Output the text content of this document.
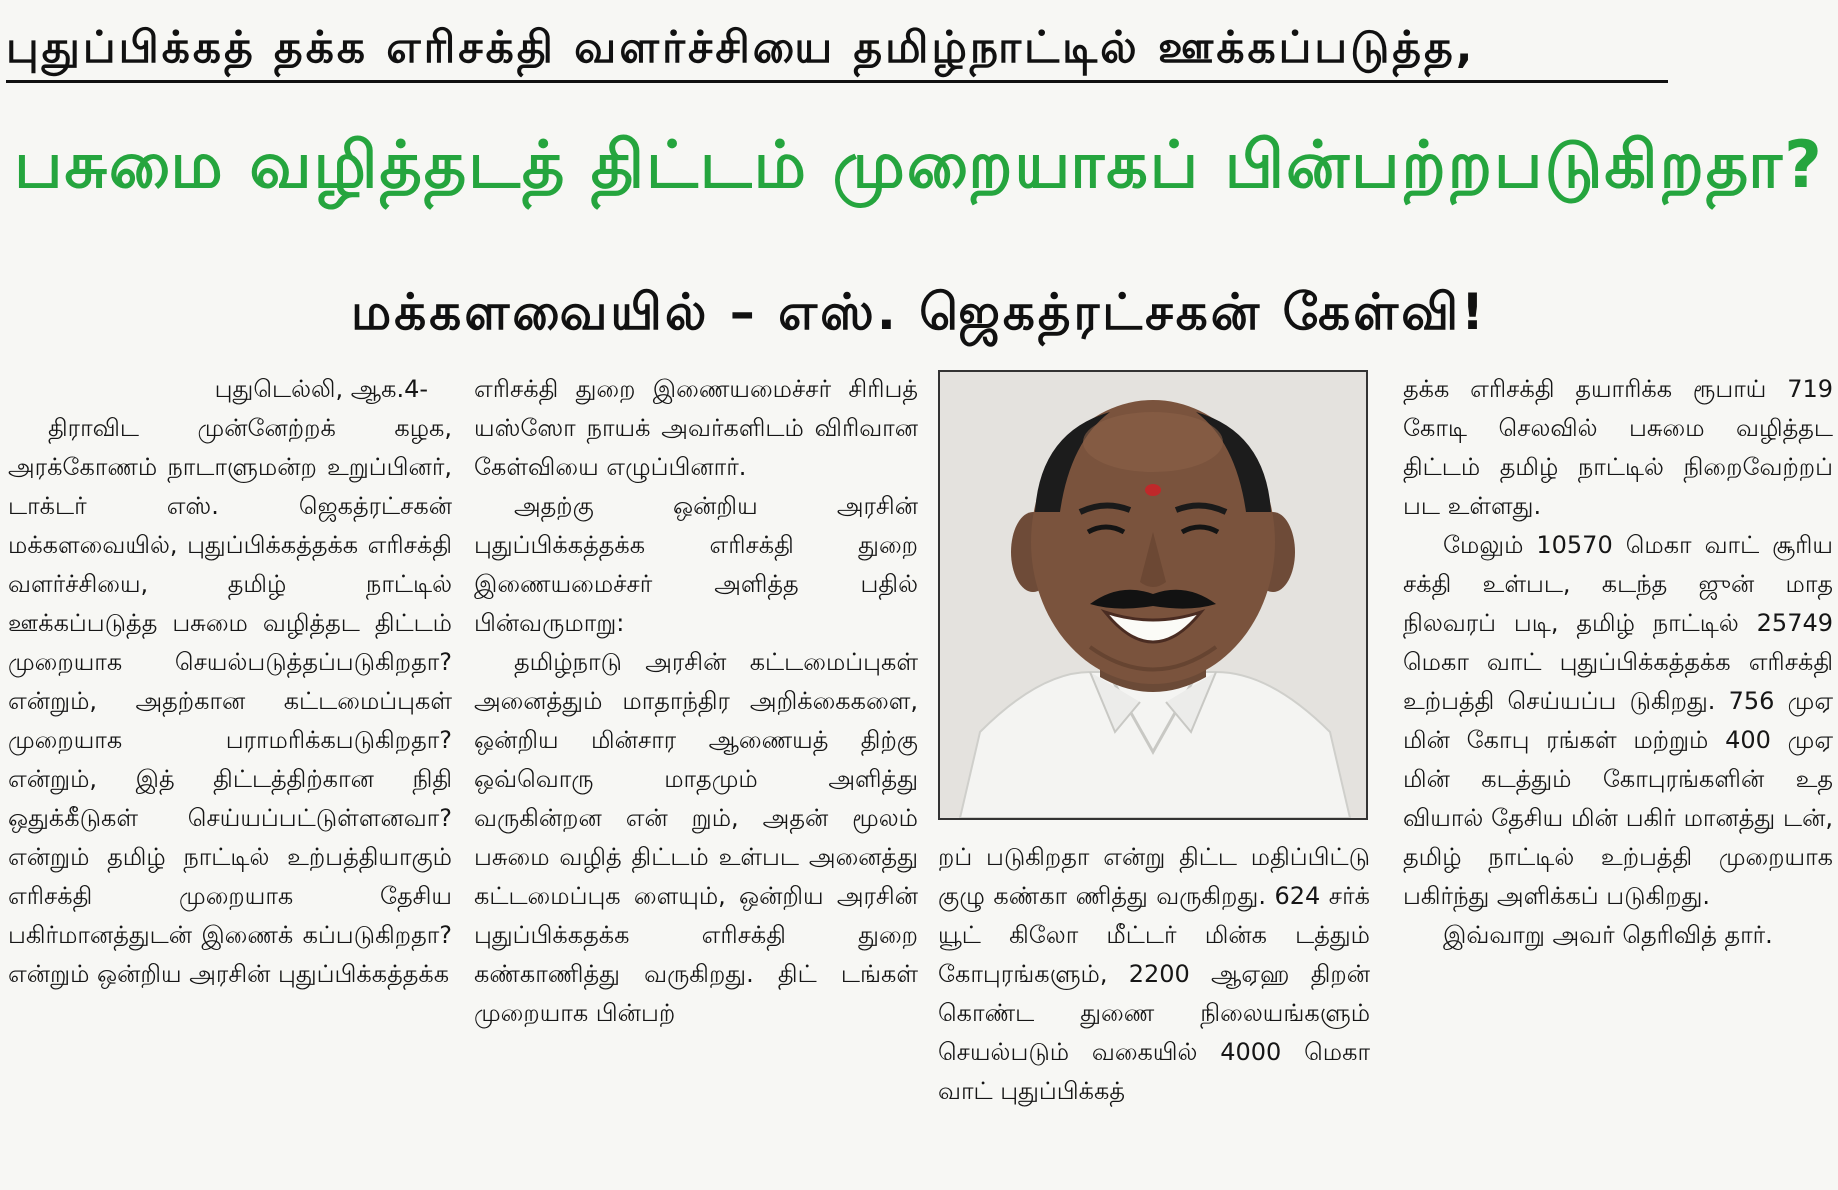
புதுப்பிக்கத் தக்க எரிசக்தி வளர்ச்சியை தமிழ்நாட்டில் ஊக்கப்படுத்த,
பசுமை வழித்தடத் திட்டம் முறையாகப் பின்பற்றபடுகிறதா?
மக்களவையில் – எஸ். ஜெகத்ரட்சகன் கேள்வி!

புதுடெல்லி, ஆக.4-

திராவிட முன்னேற்றக் கழக, அரக்கோணம் நாடாளுமன்ற உறுப்பினர், டாக்டர் எஸ். ஜெகத்ரட்சகன் மக்களவையில், புதுப்பிக்கத்தக்க எரிசக்தி வளர்ச்சியை, தமிழ் நாட்டில் ஊக்கப்படுத்த பசுமை வழித்தட திட்டம் முறையாக செயல்படுத்தப்படுகிறதா? என்றும், அதற்கான கட்டமைப்புகள் முறையாக பராமரிக்கபடுகிறதா? என்றும், இத் திட்டத்திற்கான நிதி ஒதுக்கீடுகள் செய்யப்பட்டுள்ளனவா? என்றும் தமிழ் நாட்டில் உற்பத்தியாகும் எரிசக்தி முறையாக தேசிய பகிர்மானத்துடன் இணைக் கப்படுகிறதா? என்றும் ஒன்றிய அரசின் புதுப்பிக்கத்தக்க

எரிசக்தி துறை இணையமைச்சர் சிரிபத் யஸ்ஸோ நாயக் அவர்களிடம் விரிவான கேள்வியை எழுப்பினார்.

அதற்கு ஒன்றிய அரசின் புதுப்பிக்கத்தக்க எரிசக்தி துறை இணையமைச்சர் அளித்த பதில் பின்வருமாறு:

தமிழ்நாடு அரசின் கட்டமைப்புகள் அனைத்தும் மாதாந்திர அறிக்கைகளை, ஒன்றிய மின்சார ஆணையத் திற்கு ஒவ்வொரு மாதமும் அளித்து வருகின்றன என் றும், அதன் மூலம் பசுமை வழித் திட்டம் உள்பட அனைத்து கட்டமைப்புக ளையும், ஒன்றிய அரசின் புதுப்பிக்கதக்க எரிசக்தி துறை கண்காணித்து வருகிறது. திட் டங்கள் முறையாக பின்பற்

றப் படுகிறதா என்று திட்ட மதிப்பிட்டு குழு கண்கா ணித்து வருகிறது. 624 சர்க் யூட் கிலோ மீட்டர் மின்க டத்தும் கோபுரங்களும், 2200 ஆஏஹ திறன் கொண்ட துணை நிலையங்களும் செயல்படும் வகையில் 4000 மெகா வாட் புதுப்பிக்கத்

தக்க எரிசக்தி தயாரிக்க ரூபாய் 719 கோடி செலவில் பசுமை வழித்தட திட்டம் தமிழ் நாட்டில் நிறைவேற்றப் பட உள்ளது.

மேலும் 10570 மெகா வாட் சூரிய சக்தி உள்பட, கடந்த ஜுன் மாத நிலவரப் படி, தமிழ் நாட்டில் 25749 மெகா வாட் புதுப்பிக்கத்தக்க எரிசக்தி உற்பத்தி செய்யப்ப டுகிறது. 756 முஏ மின் கோபு ரங்கள் மற்றும் 400 முஏ மின் கடத்தும் கோபுரங்களின் உத வியால் தேசிய மின் பகிர் மானத்து டன், தமிழ் நாட்டில் உற்பத்தி முறையாக பகிர்ந்து அளிக்கப் படுகிறது.

இவ்வாறு அவர் தெரிவித் தார்.
